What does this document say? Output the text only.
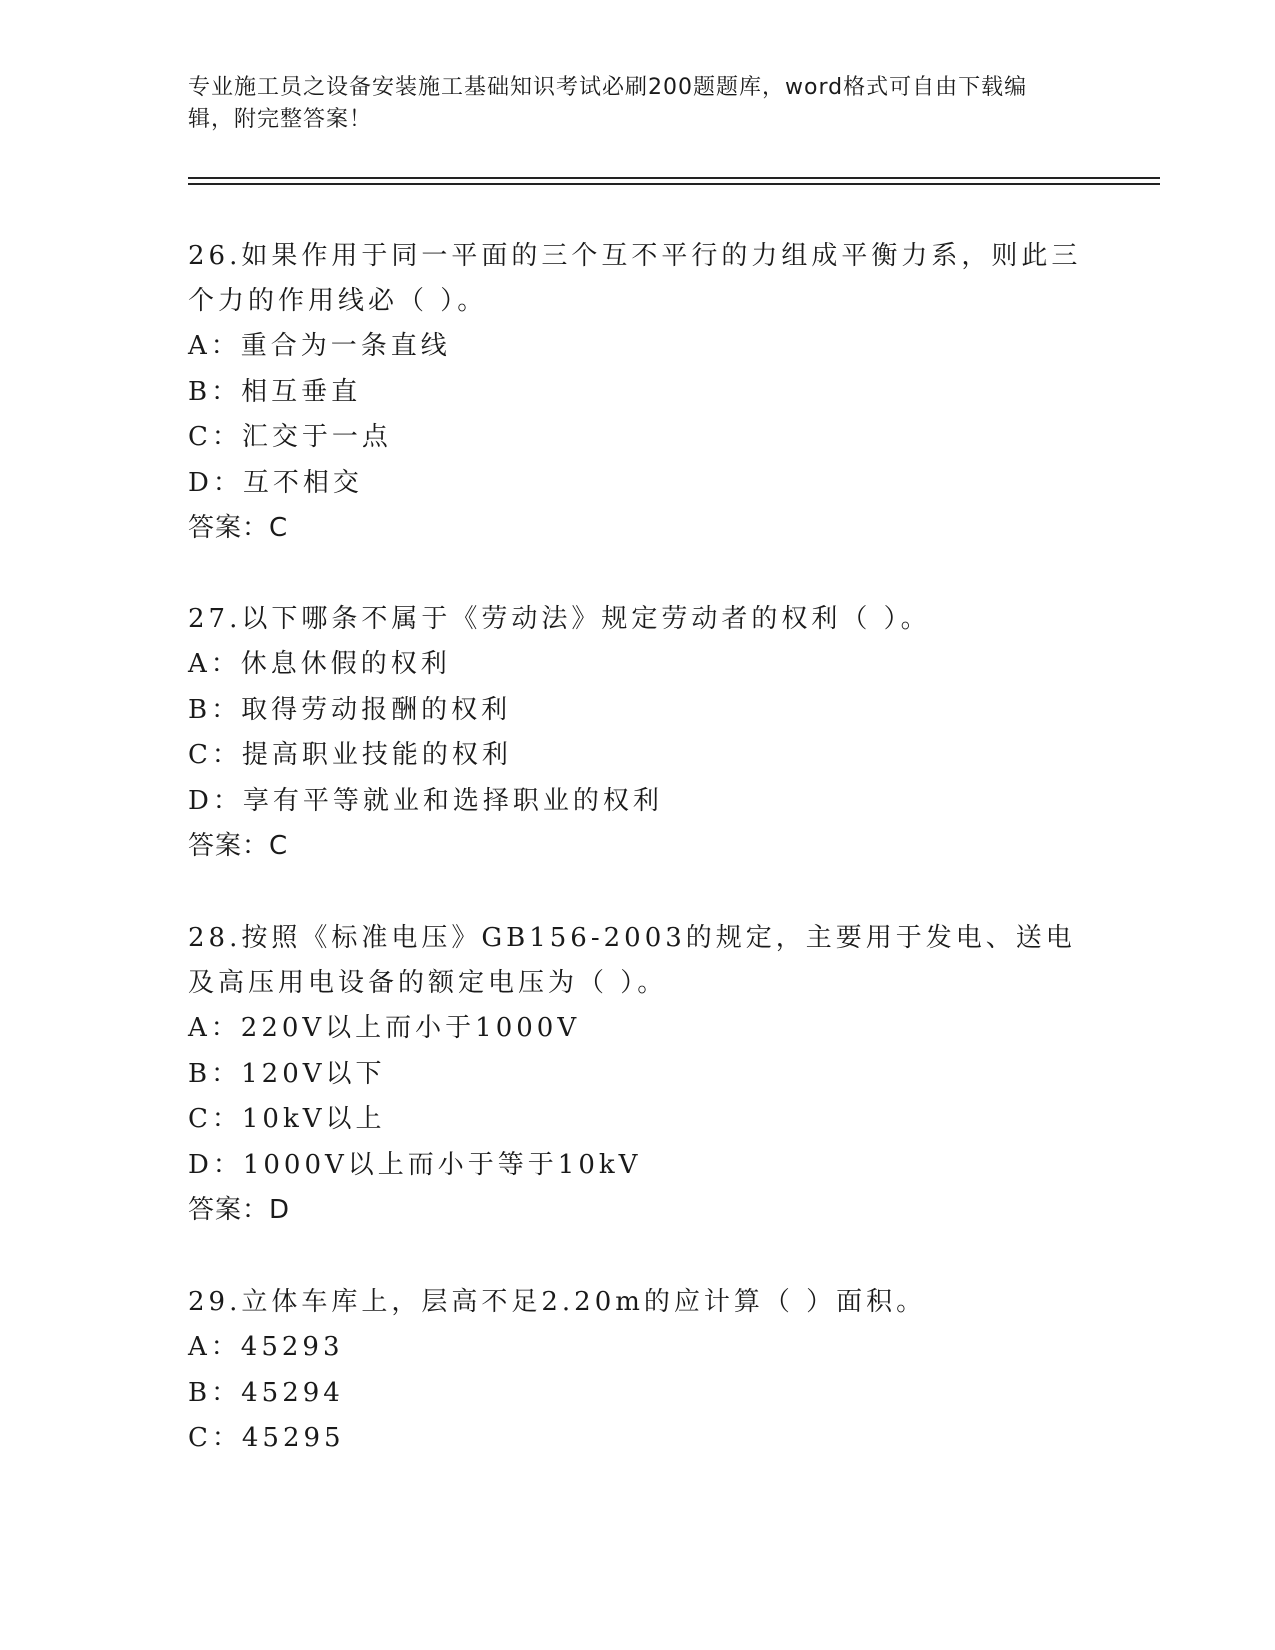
专业施工员之设备安装施工基础知识考试必刷200题题库，word格式可自由下载编辑，附完整答案！
26.如果作用于同一平面的三个互不平行的力组成平衡力系，则此三个力的作用线必（ ）。
A：重合为一条直线
B：相互垂直
C：汇交于一点
D：互不相交
答案：C
27.以下哪条不属于《劳动法》规定劳动者的权利（ ）。
A：休息休假的权利
B：取得劳动报酬的权利
C：提高职业技能的权利
D：享有平等就业和选择职业的权利
答案：C
28.按照《标准电压》GB156-2003的规定，主要用于发电、送电及高压用电设备的额定电压为（ ）。
A：220V以上而小于1000V
B：120V以下
C：10kV以上
D：1000V以上而小于等于10kV
答案：D
29.立体车库上，层高不足2.20m的应计算（ ）面积。
A：45293
B：45294
C：45295
